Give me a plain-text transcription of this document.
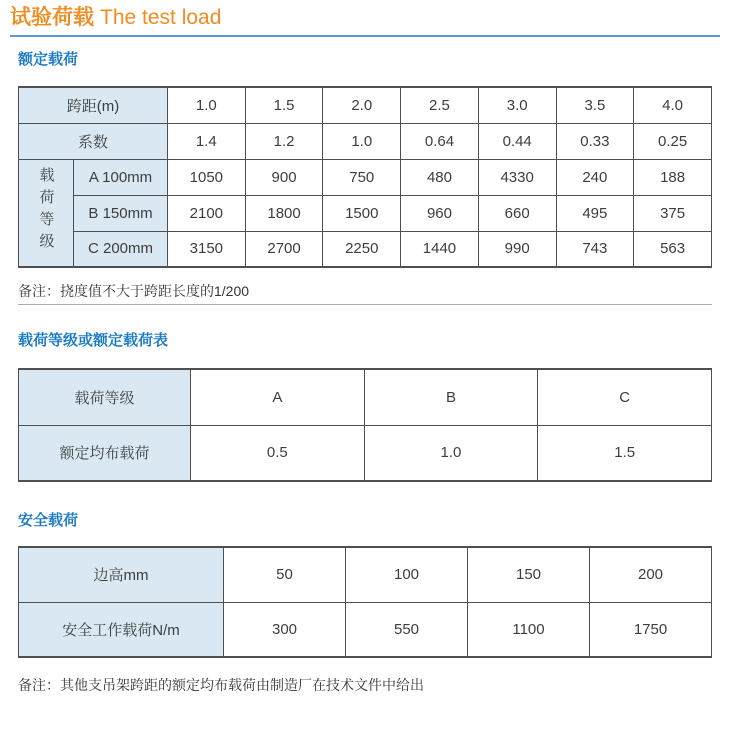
试验荷载 The test load
额定载荷
跨距(m)		1.0	1.5	2.0	2.5	3.0	3.5	4.0
系数		1.4	1.2	1.0	0.64	0.44	0.33	0.25
载荷等级	A 100mm	1050	900	750	480	4330	240	188
	B 150mm	2100	1800	1500	960	660	495	375
	C 200mm	3150	2700	2250	1440	990	743	563
备注：挠度值不大于跨距长度的1/200
载荷等级或额定载荷表
载荷等级	A	B	C
额定均布载荷	0.5	1.0	1.5
安全载荷
边高mm	50	100	150	200
安全工作载荷N/m	300	550	1100	1750
备注：其他支吊架跨距的额定均布载荷由制造厂在技术文件中给出
